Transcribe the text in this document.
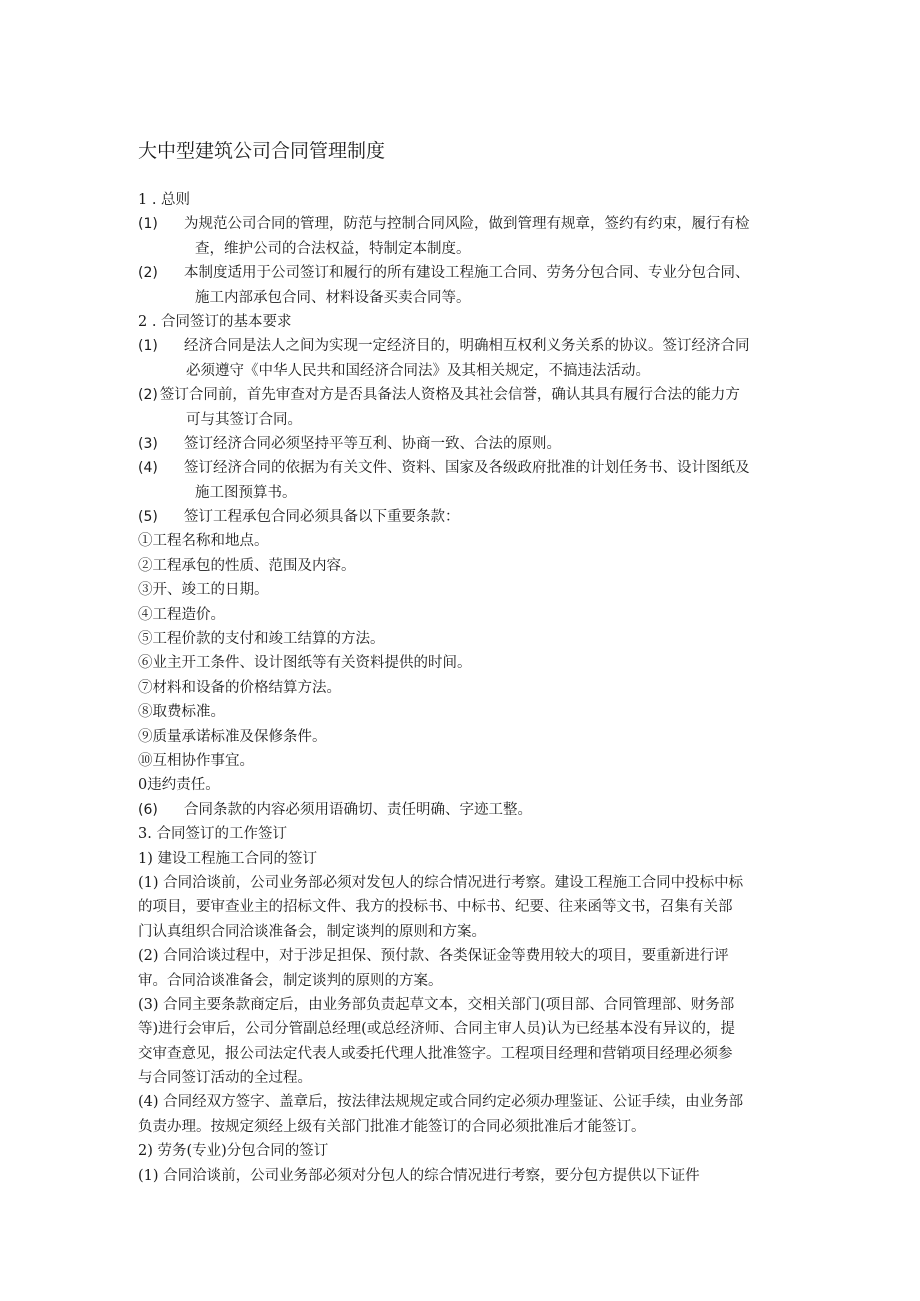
大中型建筑公司合同管理制度
1 . 总则
(1) 为规范公司合同的管理，防范与控制合同风险，做到管理有规章，签约有约束，履行有检
查，维护公司的合法权益，特制定本制度。
(2) 本制度适用于公司签订和履行的所有建设工程施工合同、劳务分包合同、专业分包合同、
施工内部承包合同、材料设备买卖合同等。
2 . 合同签订的基本要求
(1) 经济合同是法人之间为实现一定经济目的，明确相互权利义务关系的协议。签订经济合同
必须遵守《中华人民共和国经济合同法》及其相关规定，不搞违法活动。
(2) 签订合同前，首先审查对方是否具备法人资格及其社会信誉，确认其具有履行合法的能力方
可与其签订合同。
(3) 签订经济合同必须坚持平等互利、协商一致、合法的原则。
(4) 签订经济合同的依据为有关文件、资料、国家及各级政府批准的计划任务书、设计图纸及
施工图预算书。
(5) 签订工程承包合同必须具备以下重要条款：
①工程名称和地点。
②工程承包的性质、范围及内容。
③开、竣工的日期。
④工程造价。
⑤工程价款的支付和竣工结算的方法。
⑥业主开工条件、设计图纸等有关资料提供的时间。
⑦材料和设备的价格结算方法。
⑧取费标准。
⑨质量承诺标准及保修条件。
⑩互相协作事宜。
0违约责任。
(6) 合同条款的内容必须用语确切、责任明确、字迹工整。
3. 合同签订的工作签订
1) 建设工程施工合同的签订
(1) 合同洽谈前，公司业务部必须对发包人的综合情况进行考察。建设工程施工合同中投标中标
的项目，要审查业主的招标文件、我方的投标书、中标书、纪要、往来函等文书，召集有关部
门认真组织合同洽谈准备会，制定谈判的原则和方案。
(2) 合同洽谈过程中，对于涉足担保、预付款、各类保证金等费用较大的项目，要重新进行评
审。合同洽谈准备会，制定谈判的原则的方案。
(3) 合同主要条款商定后，由业务部负责起草文本，交相关部门(项目部、合同管理部、财务部
等)进行会审后，公司分管副总经理(或总经济师、合同主审人员)认为已经基本没有异议的，提
交审查意见，报公司法定代表人或委托代理人批准签字。工程项目经理和营销项目经理必须参
与合同签订活动的全过程。
(4) 合同经双方签字、盖章后，按法律法规规定或合同约定必须办理鉴证、公证手续，由业务部
负责办理。按规定须经上级有关部门批准才能签订的合同必须批准后才能签订。
2) 劳务(专业)分包合同的签订
(1) 合同洽谈前，公司业务部必须对分包人的综合情况进行考察，要分包方提供以下证件
